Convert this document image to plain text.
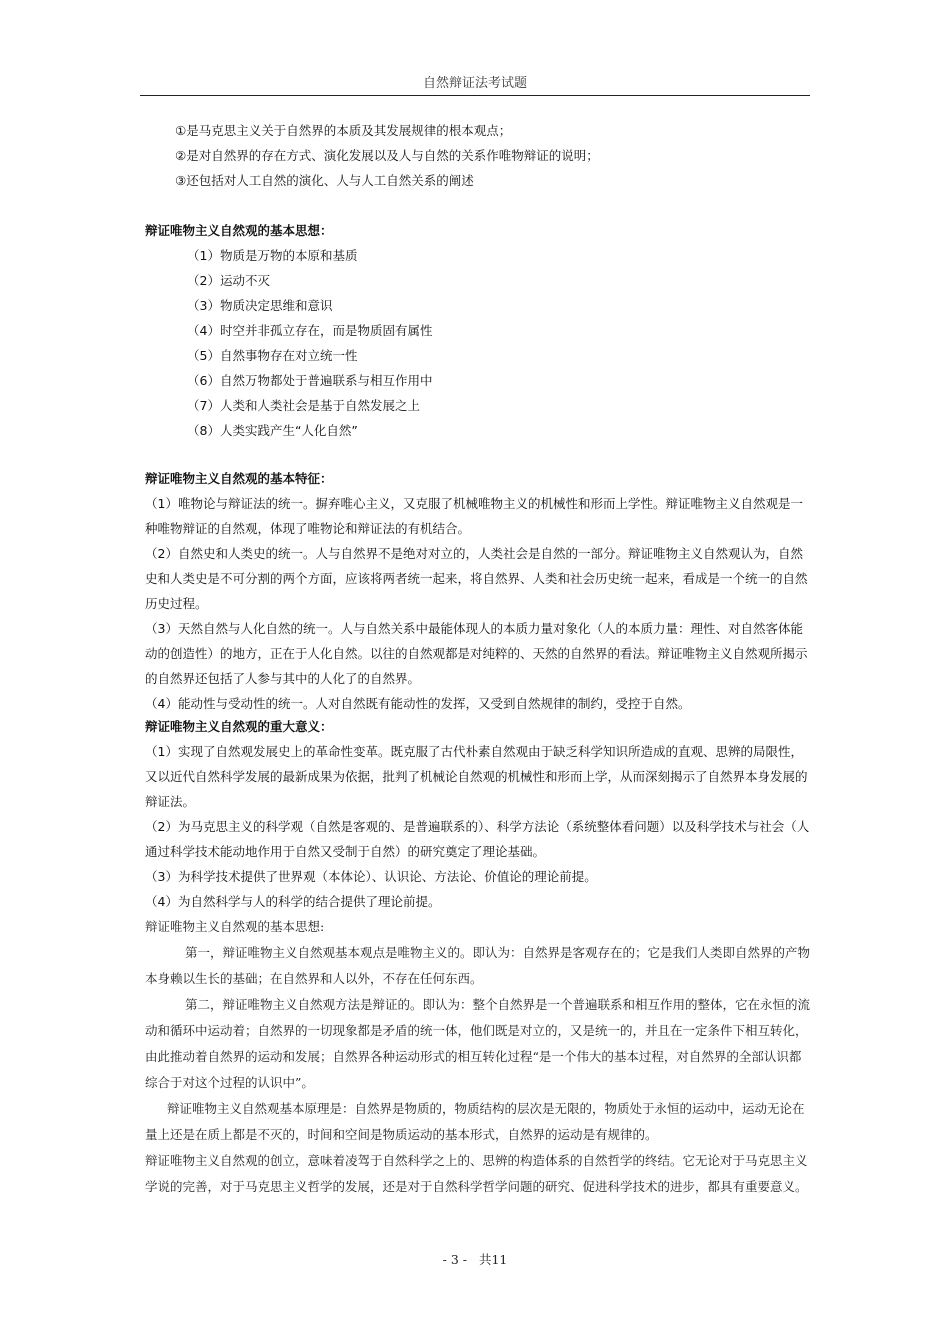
自然辩证法考试题

①是马克思主义关于自然界的本质及其发展规律的根本观点；

②是对自然界的存在方式、演化发展以及人与自然的关系作唯物辩证的说明；

③还包括对人工自然的演化、人与人工自然关系的阐述

辩证唯物主义自然观的基本思想：

（1）物质是万物的本原和基质

（2）运动不灭

（3）物质决定思维和意识

（4）时空并非孤立存在，而是物质固有属性

（5）自然事物存在对立统一性

（6）自然万物都处于普遍联系与相互作用中

（7）人类和人类社会是基于自然发展之上

（8）人类实践产生“人化自然”

辩证唯物主义自然观的基本特征：

（1）唯物论与辩证法的统一。摒弃唯心主义，又克服了机械唯物主义的机械性和形而上学性。辩证唯物主义自然观是一种唯物辩证的自然观，体现了唯物论和辩证法的有机结合。

（2）自然史和人类史的统一。人与自然界不是绝对对立的，人类社会是自然的一部分。辩证唯物主义自然观认为，自然史和人类史是不可分割的两个方面，应该将两者统一起来，将自然界、人类和社会历史统一起来，看成是一个统一的自然历史过程。

（3）天然自然与人化自然的统一。人与自然关系中最能体现人的本质力量对象化（人的本质力量：理性、对自然客体能动的创造性）的地方，正在于人化自然。以往的自然观都是对纯粹的、天然的自然界的看法。辩证唯物主义自然观所揭示的自然界还包括了人参与其中的人化了的自然界。

（4）能动性与受动性的统一。人对自然既有能动性的发挥，又受到自然规律的制约，受控于自然。

辩证唯物主义自然观的重大意义：

（1）实现了自然观发展史上的革命性变革。既克服了古代朴素自然观由于缺乏科学知识所造成的直观、思辨的局限性，又以近代自然科学发展的最新成果为依据，批判了机械论自然观的机械性和形而上学，从而深刻揭示了自然界本身发展的辩证法。

（2）为马克思主义的科学观（自然是客观的、是普遍联系的）、科学方法论（系统整体看问题）以及科学技术与社会（人通过科学技术能动地作用于自然又受制于自然）的研究奠定了理论基础。

（3）为科学技术提供了世界观（本体论）、认识论、方法论、价值论的理论前提。

（4）为自然科学与人的科学的结合提供了理论前提。

辩证唯物主义自然观的基本思想:

第一，辩证唯物主义自然观基本观点是唯物主义的。即认为：自然界是客观存在的；它是我们人类即自然界的产物本身赖以生长的基础；在自然界和人以外，不存在任何东西。

第二，辩证唯物主义自然观方法是辩证的。即认为：整个自然界是一个普遍联系和相互作用的整体，它在永恒的流动和循环中运动着；自然界的一切现象都是矛盾的统一体，他们既是对立的，又是统一的，并且在一定条件下相互转化，由此推动着自然界的运动和发展；自然界各种运动形式的相互转化过程“是一个伟大的基本过程，对自然界的全部认识都综合于对这个过程的认识中”。

辩证唯物主义自然观基本原理是：自然界是物质的，物质结构的层次是无限的，物质处于永恒的运动中，运动无论在量上还是在质上都是不灭的，时间和空间是物质运动的基本形式，自然界的运动是有规律的。

辩证唯物主义自然观的创立，意味着凌驾于自然科学之上的、思辨的构造体系的自然哲学的终结。它无论对于马克思主义学说的完善，对于马克思主义哲学的发展，还是对于自然科学哲学问题的研究、促进科学技术的进步，都具有重要意义。

- 3 - 共11
